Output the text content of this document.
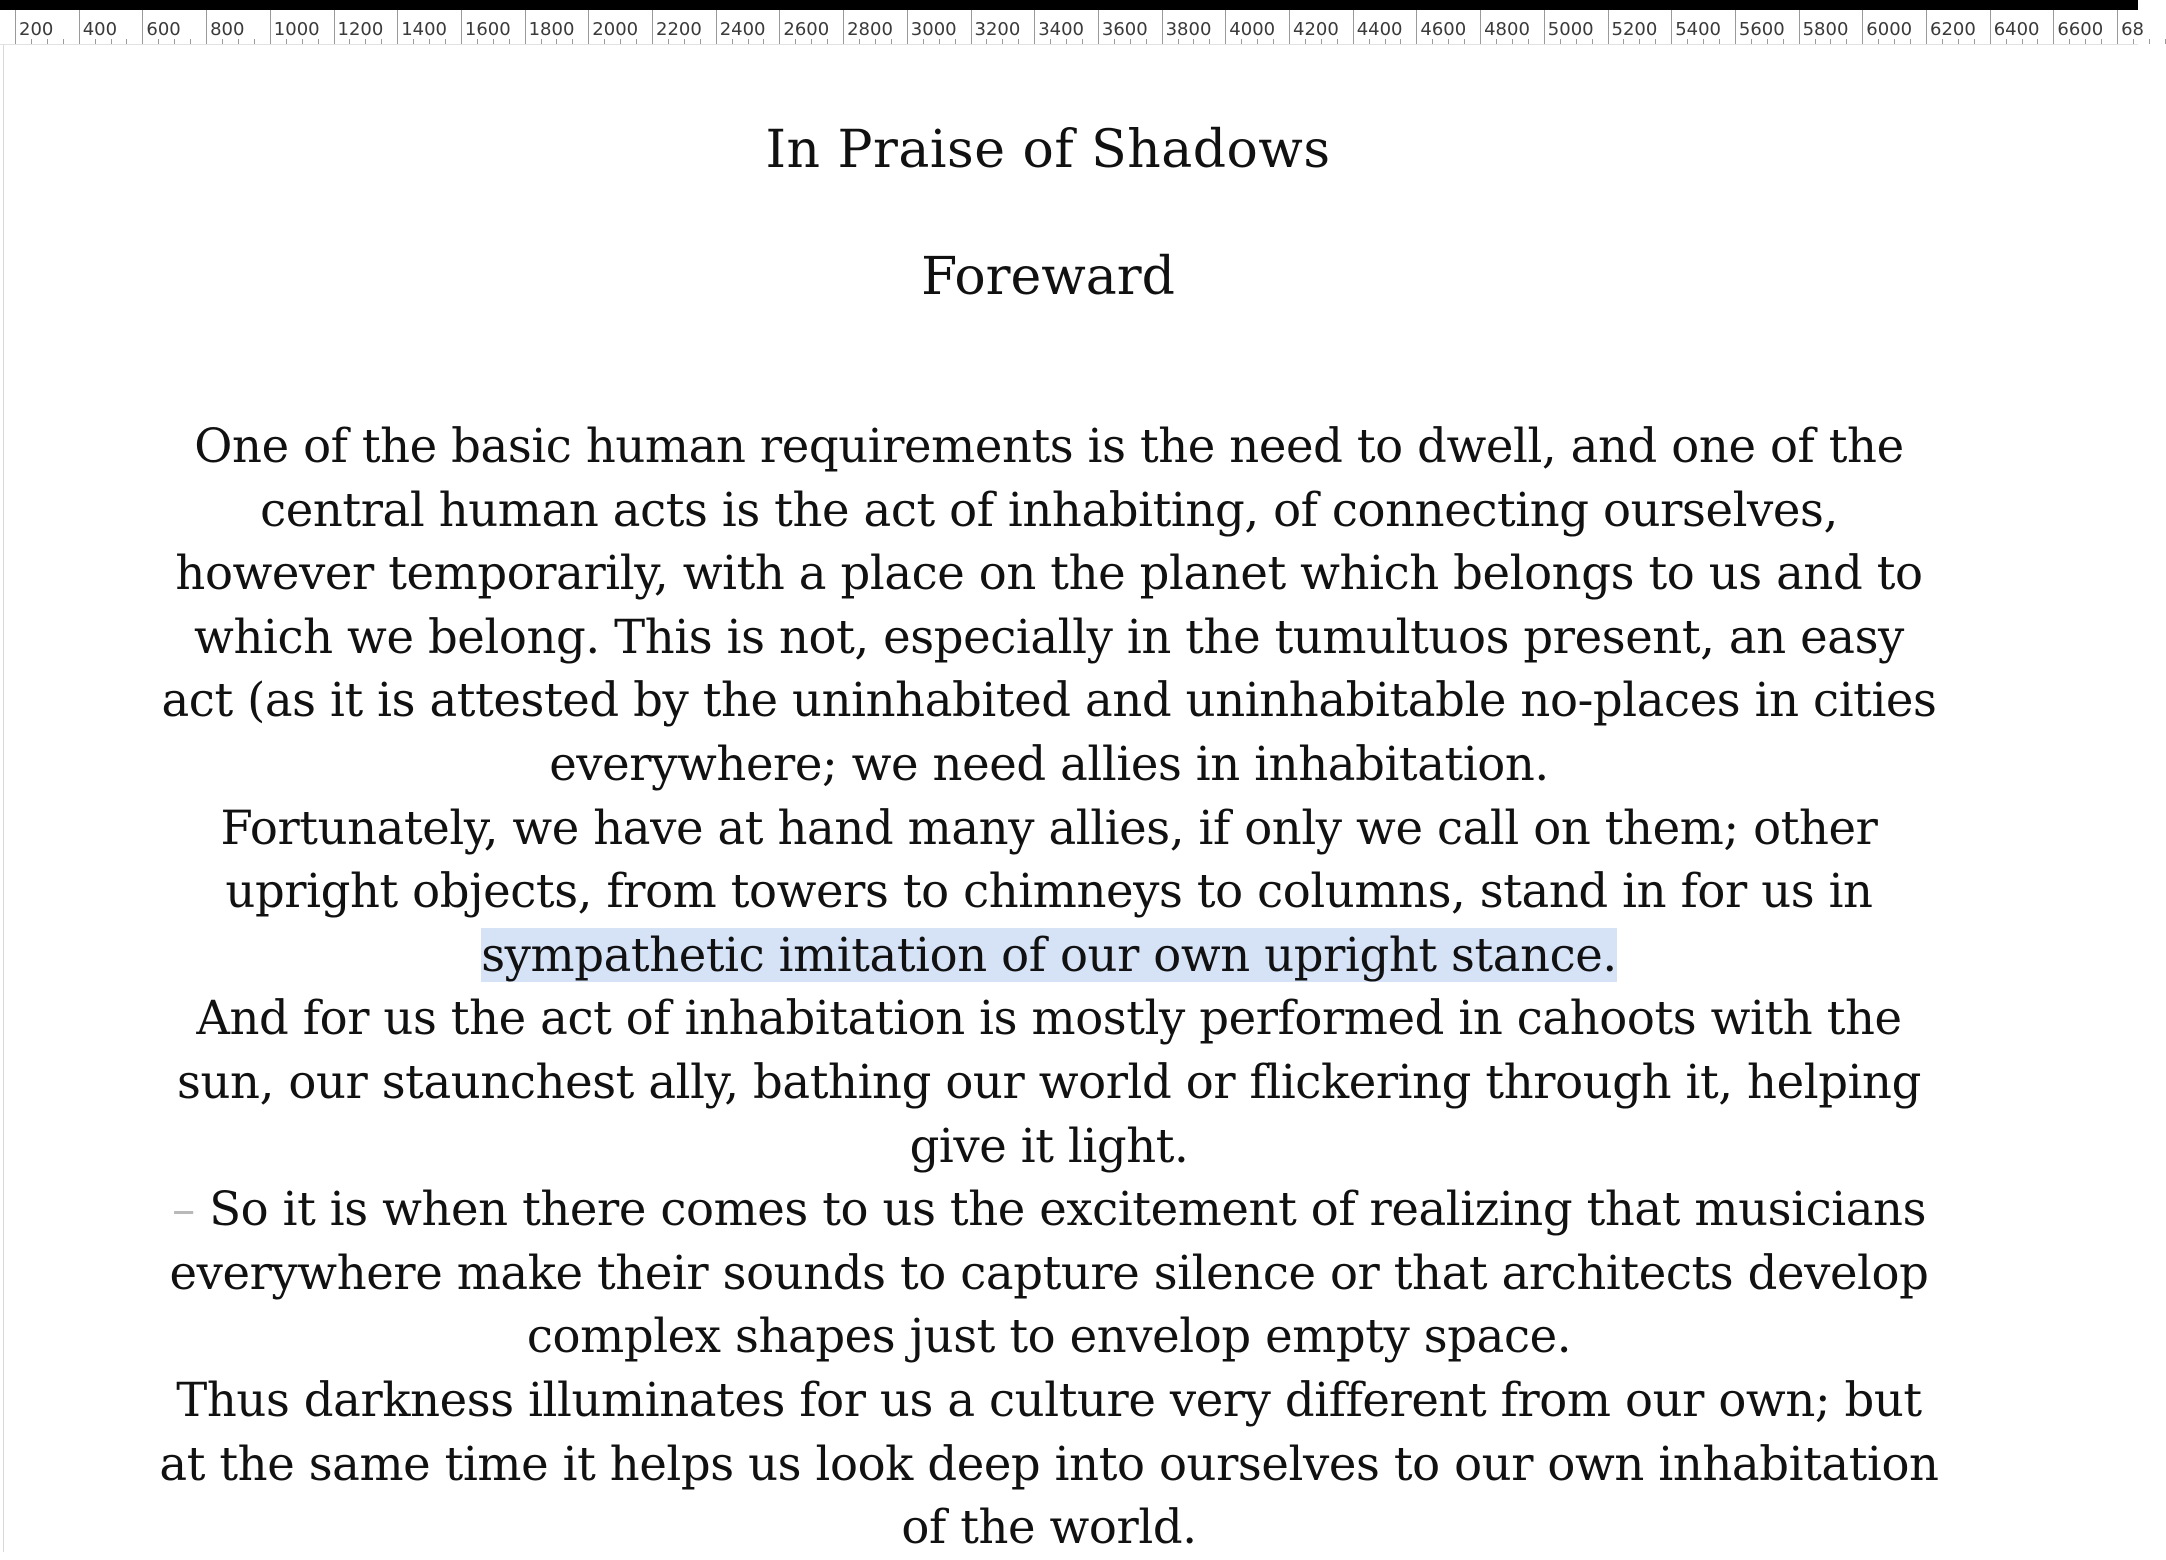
200 400 600 800 1000 1200 1400 1600 1800 2000 2200 2400 2600 2800 3000 3200 3400 3600 3800 4000 4200 4400 4600 4800 5000 5200 5400 5600 5800 6000 6200 6400 6600 68
In Praise of Shadows
Foreward

One of the basic human requirements is the need to dwell, and one of the central human acts is the act of inhabiting, of connecting ourselves, however temporarily, with a place on the planet which belongs to us and to which we belong. This is not, especially in the tumultuos present, an easy act (as it is attested by the uninhabited and uninhabitable no-places in cities everywhere; we need allies in inhabitation.

Fortunately, we have at hand many allies, if only we call on them; other upright objects, from towers to chimneys to columns, stand in for us in sympathetic imitation of our own upright stance.

And for us the act of inhabitation is mostly performed in cahoots with the sun, our staunchest ally, bathing our world or flickering through it, helping give it light.

– So it is when there comes to us the excitement of realizing that musicians everywhere make their sounds to capture silence or that architects develop complex shapes just to envelop empty space.

Thus darkness illuminates for us a culture very different from our own; but at the same time it helps us look deep into ourselves to our own inhabitation of the world.
